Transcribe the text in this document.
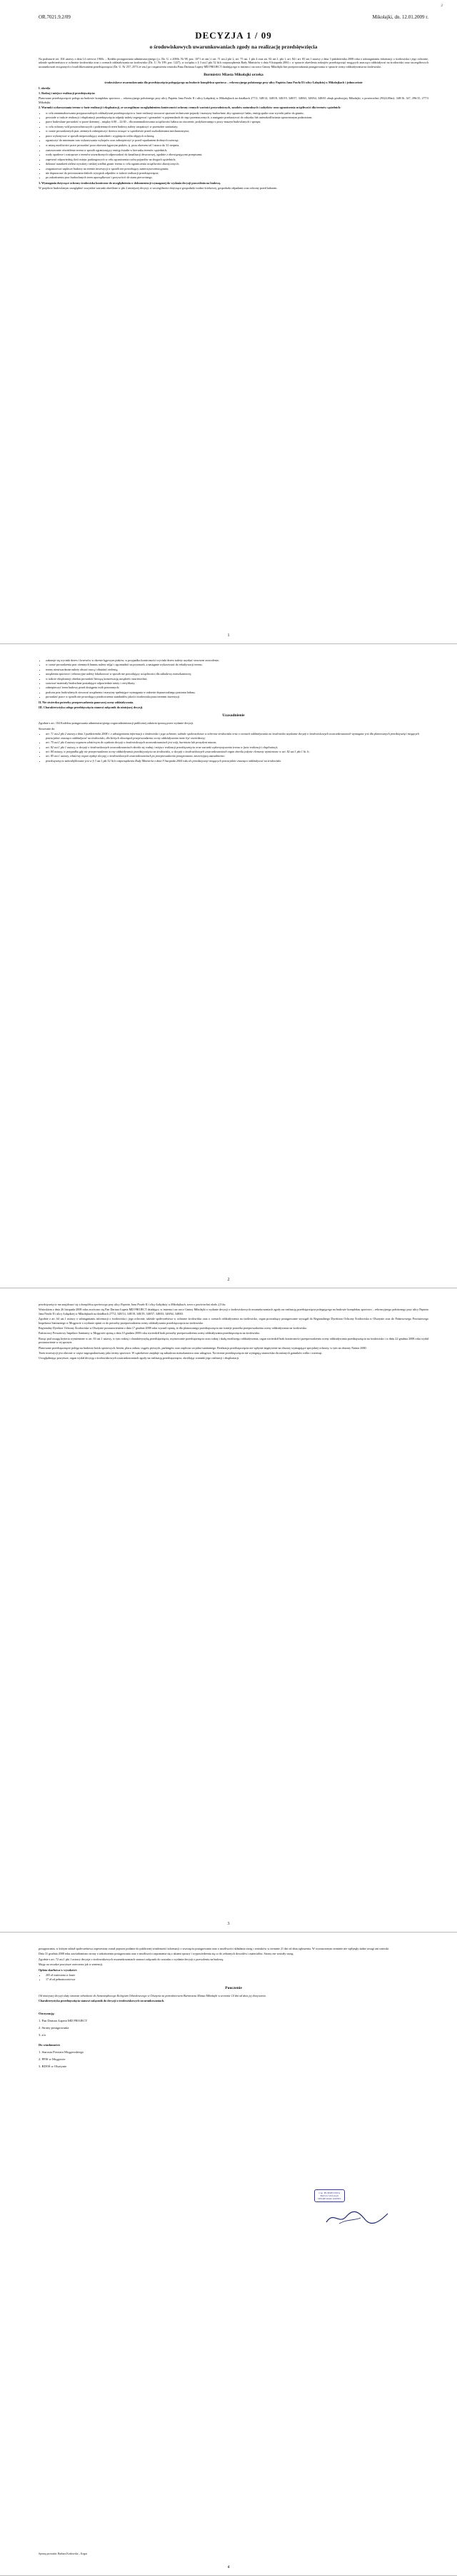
2
OR.7021.9.2/09	Mikołajki, dn. 12.01.2009 r.
DECYZJA 1 / 09
o środowiskowych uwarunkowaniach zgody na realizację przedsięwzięcia

Na podstawie art. 104 ustawy z dnia 14 czerwca 1960r. – Kodeks postępowania administracyjnego (j.t. Dz. U. z 2000r. Nr 98, poz. 1071 ze zm.) i art. 71 ust.2 pkt 2, art. 75 ust. 1 pkt 4 oraz art. 82 ust.1, pkt 1, art. 84 i art. 85 ust.1 ustawy z dnia 3 października 2008 roku o udostępnianiu informacji o środowisku i jego ochronie, udziale społeczeństwa w ochronie środowiska oraz o ocenach oddziaływania na środowisko (Dz. U. Nr 199, poz. 1227), w związku z § 3 ust.1 pkt 52 lit.b rozporządzenia Rady Ministrów z dnia 9 listopada 2004 r. w sprawie określenia rodzajów przedsięwzięć mogących znacząco oddziaływać na środowisko oraz szczegółowych uwarunkowań związanych z kwalifikowaniem przedsięwzięcia (Dz. U. Nr 257, 2573 ze zm.) po rozpatrzeniu wniosku Pana Dariusza Łapety MD PROJECT działającego w imieniu i na rzecz Gminy Mikołajki bez przeprowadzania postępowania w sprawie oceny oddziaływania na środowisko.

Burmistrz Miasta Mikołajki orzeka

środowiskowe uwarunkowania dla przedsięwzięcia polegającego na budowie kompleksu sportowo – rekreacyjnego położonego przy ulicy Papieża Jana Pawła II i ulicy Łabędziej w Mikołajkach i jednocześnie

I. określa

1. Rodzaj i miejsce realizacji przedsięwzięcia:

Planowane przedsięwzięcie polega na budowie kompleksu sportowo – rekreacyjnego położonego przy ulicy Papieża Jana Pawła II i ulicy Łabędziej w Mikołajkach na działkach 277/2, 348/14, 348/18, 348/19, 348/57, 348/63, 348/64, 348/65 obręb geodezyjny Mikołajki, o powierzchni 29322,00m2, 348/16, 347, 296/15, 277/3 Mikołajki.

2. Warunki wykorzystania terenu w fazie realizacji i eksploatacji, ze szczególnym uwzględnieniem konieczności ochrony cennych wartości przyrodniczych, zasobów naturalnych i zabytków oraz ograniczenia uciążliwości dla terenów sąsiednich:

• w celu zminimalizowania przypuszczalnych oddziaływań przedsięwzięcia w fazie realizacji stosować sprawne technicznie pojazdy i maszyny budowlane, aby ograniczyć hałas, emisję spalin oraz wycieki paliw do gruntu;
• powstałe w trakcie realizacji i eksploatacji przedsięwzięcia odpady należy segregować i gromadzić w pojemnikach do tego przeznaczonych, a następnie przekazywać do odzysku lub unieszkodliwiania uprawnionym podmiotom;
• prace budowlane prowadzić w porze dziennej – między 6.00 – 22.00 – dla zminimalizowania uciążliwości hałasu na otoczenie, podyktowanego z pracy maszyn budowlanych i sprzętu;
• w celu ochrony wód powierzchniowych i podziemnych teren budowy należy zaopatrzyć w przenośne sanitariaty;
• w czasie prowadzonych prac ziemnych zabezpieczyć drzewa rosnące w sąsiedztwie przed uszkodzeniami mechanicznymi;
• prace wykonywać w sposób niepowodujący uszkodzeń i wyginięcia roślin objętych ochroną;
• ograniczyć do minimum czas wykonywania wykopów oraz zabezpieczyć je przed wpadaniem drobnych zwierząt;
• w miarę możliwości prace prowadzić poza okresem lęgowym ptaków, tj. poza okresem od 1 marca do 31 sierpnia.
• zastosowanie oświetlenia terenu w sposób ograniczający emisję światła w kierunku terenów sąsiednich;
• wody opadowe i roztopowe z terenów utwardzonych odprowadzać do kanalizacji deszczowej, zgodnie z obowiązującymi przepisami;
• zapewnić odpowiednią ilość miejsc parkingowych w celu ograniczenia ruchu pojazdów na drogach sąsiednich;
• dokonać nasadzeń zieleni wysokiej i niskiej wzdłuż granic terenu w celu ograniczenia uciążliwości akustycznych;
• zorganizować zaplecze budowy na terenie inwestycji w sposób nie powodujący zanieczyszczenia gruntu;
• nie dopuszczać do powstawania dzikich wysypisk odpadów w trakcie realizacji przedsięwzięcia;
• po zakończeniu prac budowlanych teren uporządkować i przywrócić do stanu pierwotnego.

3. Wymagania dotyczące ochrony środowiska konieczne do uwzględnienia w dokumentacji wymaganej do wydania decyzji pozwolenia na budowę.

W projekcie budowlanym uwzględnić wszystkie warunki określone w pkt 2 niniejszej decyzji, w szczególności dotyczące gospodarki wodno-ściekowej, gospodarki odpadami oraz ochrony przed hałasem.

1
• zakazuje się wycinki drzew i krzewów w okresie lęgowym ptaków, w przypadku konieczności wycinki drzew należy uzyskać stosowne zezwolenie;
• w czasie prowadzenia prac ziemnych humus należy zdjąć i zgromadzić na pryzmach, a następnie wykorzystać do rekultywacji terenu;
• tereny nieutwardzone należy obsiać trawą i obsadzić zielenią;
• urządzenia sportowe i rekreacyjne należy lokalizować w sposób nie powodujący uciążliwości dla zabudowy mieszkaniowej;
• w trakcie eksploatacji obiektu prowadzić bieżącą konserwację urządzeń i nawierzchni;
• stosować materiały budowlane posiadające odpowiednie atesty i certyfikaty;
• zabezpieczyć teren budowy przed dostępem osób postronnych;
• podczas prac budowlanych stosować urządzenia i maszyny spełniające wymagania w zakresie dopuszczalnego poziomu hałasu;
• prowadzić prace w sposób nie powodujący przekroczenia standardów jakości środowiska poza terenem inwestycji.

II. Nie stwierdza potrzeby przeprowadzenia ponownej oceny oddziaływania.

III. Charakterystyka całego przedsięwzięcia stanowi załącznik do niniejszej decyzji.

Uzasadnienie

Zgodnie z art. 104 Kodeksu postępowania administracyjnego organ administracji publicznej załatwia sprawę przez wydanie decyzji.

Stosownie do:

• art. 71 ust.2 pkt 2 ustawy z dnia 3 października 2008 r. o udostępnianiu informacji o środowisku i jego ochronie, udziale społeczeństwa w ochronie środowiska oraz o ocenach oddziaływania na środowisko uzyskanie decyzji o środowiskowych uwarunkowaniach wymagane jest dla planowanych przedsięwzięć mogących potencjalnie znacząco oddziaływać na środowisko, dla których obowiązek przeprowadzenia oceny oddziaływania może być stwierdzony;
• art. 75 ust.1 pkt 4 ustawy organem właściwym do wydania decyzji o środowiskowych uwarunkowaniach jest wójt, burmistrz lub prezydent miasta;
• art. 82 ust.1 pkt 1 ustawy, w decyzji o środowiskowych uwarunkowaniach określa się rodzaj i miejsce realizacji przedsięwzięcia oraz warunki wykorzystywania terenu w fazie realizacji i eksploatacji;
• art. 84 ustawy, w przypadku gdy nie przeprowadzono oceny oddziaływania przedsięwzięcia na środowisko, w decyzji o środowiskowych uwarunkowaniach organ określa jedynie elementy wymienione w art. 82 ust.1 pkt 1 lit. b;
• art. 85 ust.1 ustawy, właściwy organ wydaje decyzję o środowiskowych uwarunkowaniach po przeprowadzeniu postępowania, zawierającą uzasadnienie;
• przedsięwzięcie zakwalifikowane jest w § 3 ust.1 pkt 52 lit.b rozporządzenia Rady Ministrów z dnia 9 listopada 2004 roku do przedsięwzięć mogących potencjalnie znacząco oddziaływać na środowisko.
2

przedsięwzięcie ma znajdować się z kompleksu sportowego przy ulicy Papieża Jana Pawła II i ulicy Łabędziej w Mikołajkach, teren o powierzchni około 2,9 ha.

Wnioskiem z dnia 26 listopada 2008 roku zwrócono się Pan Dariusz Łapeta MD PROJECT działający w imieniu i na rzecz Gminy Mikołajki o wydanie decyzji o środowiskowych uwarunkowaniach zgody na realizację przedsięwzięcia polegającego na budowie kompleksu sportowo – rekreacyjnego położonego przy ulicy Papieża Jana Pawła II i ulicy Łabędziej w Mikołajkach na działkach 277/2, 348/14, 348/18, 348/19, 348/57, 348/63, 348/64, 348/65.

Zgodnie z art. 64 ust.1 ustawy o udostępnianiu informacji o środowisku i jego ochronie, udziale społeczeństwa w ochronie środowiska oraz o ocenach oddziaływania na środowisko, organ prowadzący postępowanie wystąpił do Regionalnego Dyrektora Ochrony Środowiska w Olsztynie oraz do Państwowego Powiatowego Inspektora Sanitarnego w Mrągowie o wydanie opinii co do potrzeby przeprowadzenia oceny oddziaływania przedsięwzięcia na środowisko.

Regionalny Dyrektor Ochrony Środowiska w Olsztynie postanowieniem z dnia 17 grudnia 2008 roku wyraził opinię, iż dla planowanego przedsięwzięcia nie istnieje potrzeba przeprowadzenia oceny oddziaływania na środowisko.

Państwowy Powiatowy Inspektor Sanitarny w Mrągowie opinią z dnia 10 grudnia 2008 roku stwierdził brak potrzeby przeprowadzenia oceny oddziaływania przedsięwzięcia na środowisko.

Biorąc pod uwagę kryteria wymienione w art. 63 ust.1 ustawy, w tym rodzaj i charakterystykę przedsięwzięcia, usytuowanie przedsięwzięcia oraz rodzaj i skalę możliwego oddziaływania, organ stwierdził brak konieczności przeprowadzenia oceny oddziaływania przedsięwzięcia na środowisko i w dniu 22 grudnia 2008 roku wydał postanowienie w tej sprawie.

Planowane przedsięwzięcie polega na budowie boisk sportowych, bieżni, placu zabaw, ciągów pieszych, parkingów oraz zaplecza socjalno-sanitarnego. Realizacja przedsięwzięcia nie wpłynie negatywnie na obszary wymagające specjalnej ochrony, w tym na obszary Natura 2000.

Teren inwestycji jest obecnie w części zagospodarowany jako tereny sportowe. W sąsiedztwie znajduje się zabudowa mieszkaniowa oraz usługowa. Na terenie przedsięwzięcia nie występują stanowiska chronionych gatunków roślin i zwierząt.

Uwzględniając powyższe, organ wydał decyzję o środowiskowych uwarunkowaniach zgody na realizację przedsięwzięcia, określając warunki jego realizacji i eksploatacji.

3

postępowania, w którym udział społeczeństwa zapewniony został poprzez podanie do publicznej wiadomości informacji o wszczęciu postępowania oraz o możliwości składania uwag i wniosków w terminie 21 dni od dnia ogłoszenia. W wyznaczonym terminie nie wpłynęły żadne uwagi ani wnioski.

Dnia 31 grudnia 2008 roku zawiadomiono strony o zakończeniu postępowania oraz o możliwości zapoznania się z aktami sprawy i wypowiedzenia się co do zebranych dowodów i materiałów. Strony nie wniosły uwag.

Zgodnie z art. 72 ust.1 pkt 1 ustawy decyzja o środowiskowych uwarunkowaniach stanowi załącznik do wniosku o wydanie decyzji o pozwoleniu na budowę.

Mając na uwadze powyższe orzeczono jak w sentencji.

Opłata skarbowa w wysokości:

• 205 zł wniesiona w kasie
• 17 zł od pełnomocnictwa
Pouczenie

Od niniejszej decyzji służy stronom odwołanie do Samorządowego Kolegium Odwoławczego w Olsztynie za pośrednictwem Burmistrza Miasta Mikołajki w terminie 14 dni od dnia jej doręczenia.

Charakterystyka przedsięwzięcia stanowi załącznik do decyzji o środowiskowych uwarunkowaniach.

Otrzymują:

1. Pan Dariusz Łapeta MD PROJECT
2. Strony postępowania
3. a/a

Do wiadomości:

1. Starosta Powiatu Mrągowskiego
2. PPIS w Mrągowie
3. RDOŚ w Olsztynie
z up. BURMISTRZA
Barbara Wołoszyk
SEKRETARZ GMINY
Sprawę prowadzi: Barbara Kozłowska – Kogut
4
